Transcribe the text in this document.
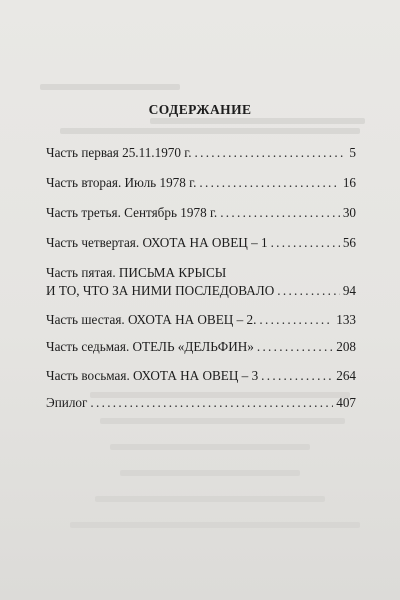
СОДЕРЖАНИЕ
Часть первая 25.11.1970 г. . . .	5
Часть вторая. Июль 1978 г. . . .	16
Часть третья. Сентябрь 1978 г. . . .	30
Часть четвертая. ОХОТА НА ОВЕЦ – 1 . . .	56
Часть пятая. ПИСЬМА КРЫСЫ
И ТО, ЧТО ЗА НИМИ ПОСЛЕДОВАЛО . . .	94
Часть шестая. ОХОТА НА ОВЕЦ – 2. . . .	133
Часть седьмая. ОТЕЛЬ «ДЕЛЬФИН» . . .	208
Часть восьмая. ОХОТА НА ОВЕЦ – 3 . . .	264
Эпилог . . .	407
